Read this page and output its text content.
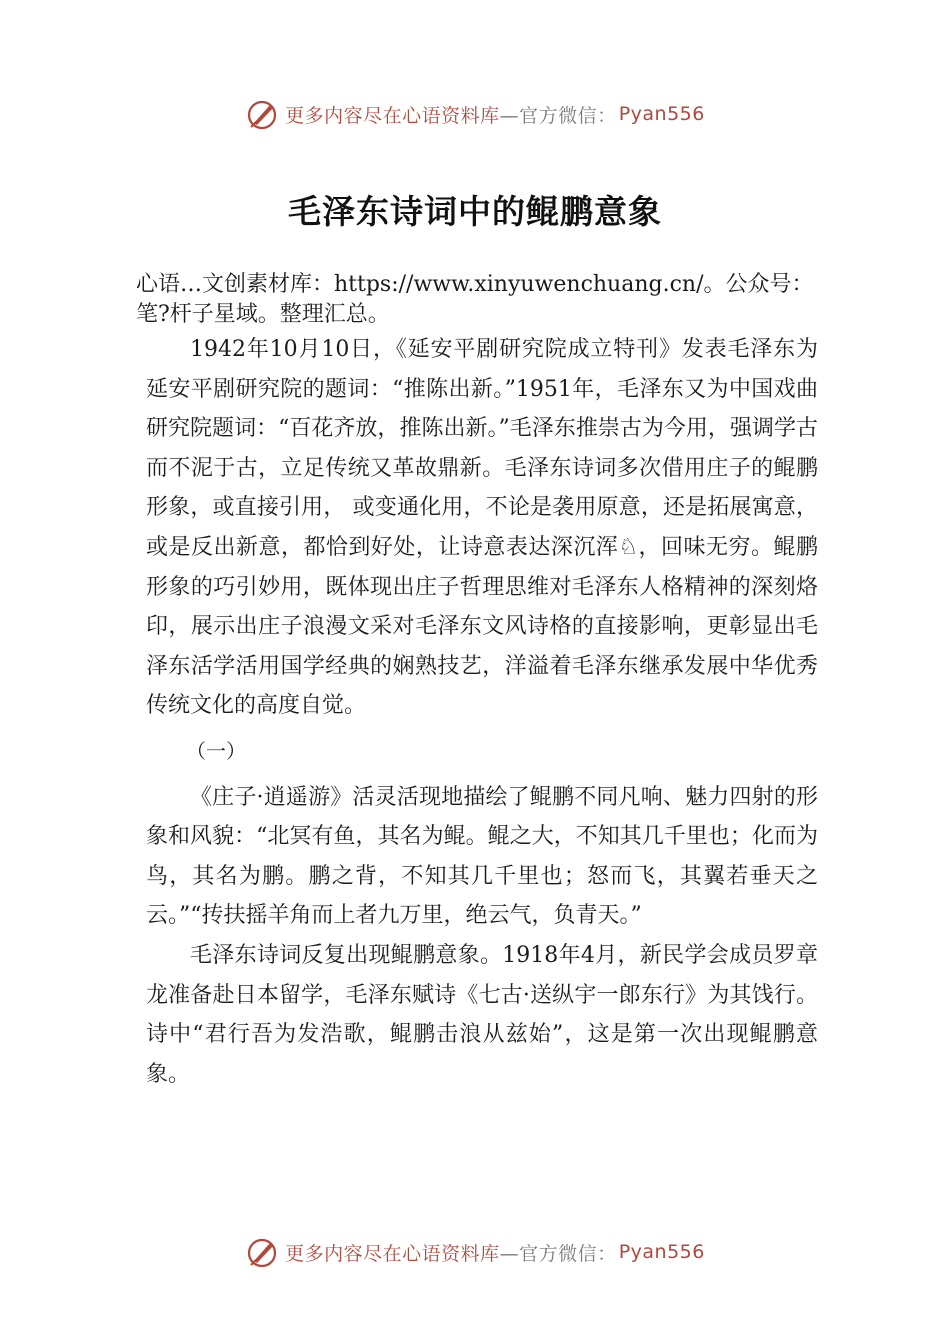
更多内容尽在心语资料库 —官方微信： Pyan556
毛泽东诗词中的鲲鹏意象
心语…文创素材库：https://www.xinyuwenchuang.cn/。公众号：笔?杆子星域。整理汇总。

1942年10月10日，《延安平剧研究院成立特刊》发表毛泽东为延安平剧研究院的题词：“推陈出新。”1951年，毛泽东又为中国戏曲研究院题词：“百花齐放，推陈出新。”毛泽东推崇古为今用，强调学古而不泥于古，立足传统又革故鼎新。毛泽东诗词多次借用庄子的鲲鹏形象，或直接引用， 或变通化用，不论是袭用原意，还是拓展寓意，或是反出新意，都恰到好处，让诗意表达深沉浑♘，回味无穷。鲲鹏形象的巧引妙用，既体现出庄子哲理思维对毛泽东人格精神的深刻烙印，展示出庄子浪漫文采对毛泽东文风诗格的直接影响，更彰显出毛泽东活学活用国学经典的娴熟技艺，洋溢着毛泽东继承发展中华优秀传统文化的高度自觉。

（一）

《庄子·逍遥游》活灵活现地描绘了鲲鹏不同凡响、魅力四射的形象和风貌：“北冥有鱼，其名为鲲。鲲之大，不知其几千里也；化而为鸟，其名为鹏。鹏之背，不知其几千里也；怒而飞，其翼若垂天之云。”“抟扶摇羊角而上者九万里，绝云气，负青天。”

毛泽东诗词反复出现鲲鹏意象。1918年4月，新民学会成员罗章龙准备赴日本留学，毛泽东赋诗《七古·送纵宇一郎东行》为其饯行。诗中“君行吾为发浩歌，鲲鹏击浪从兹始”，这是第一次出现鲲鹏意象。

更多内容尽在心语资料库 —官方微信： Pyan556
